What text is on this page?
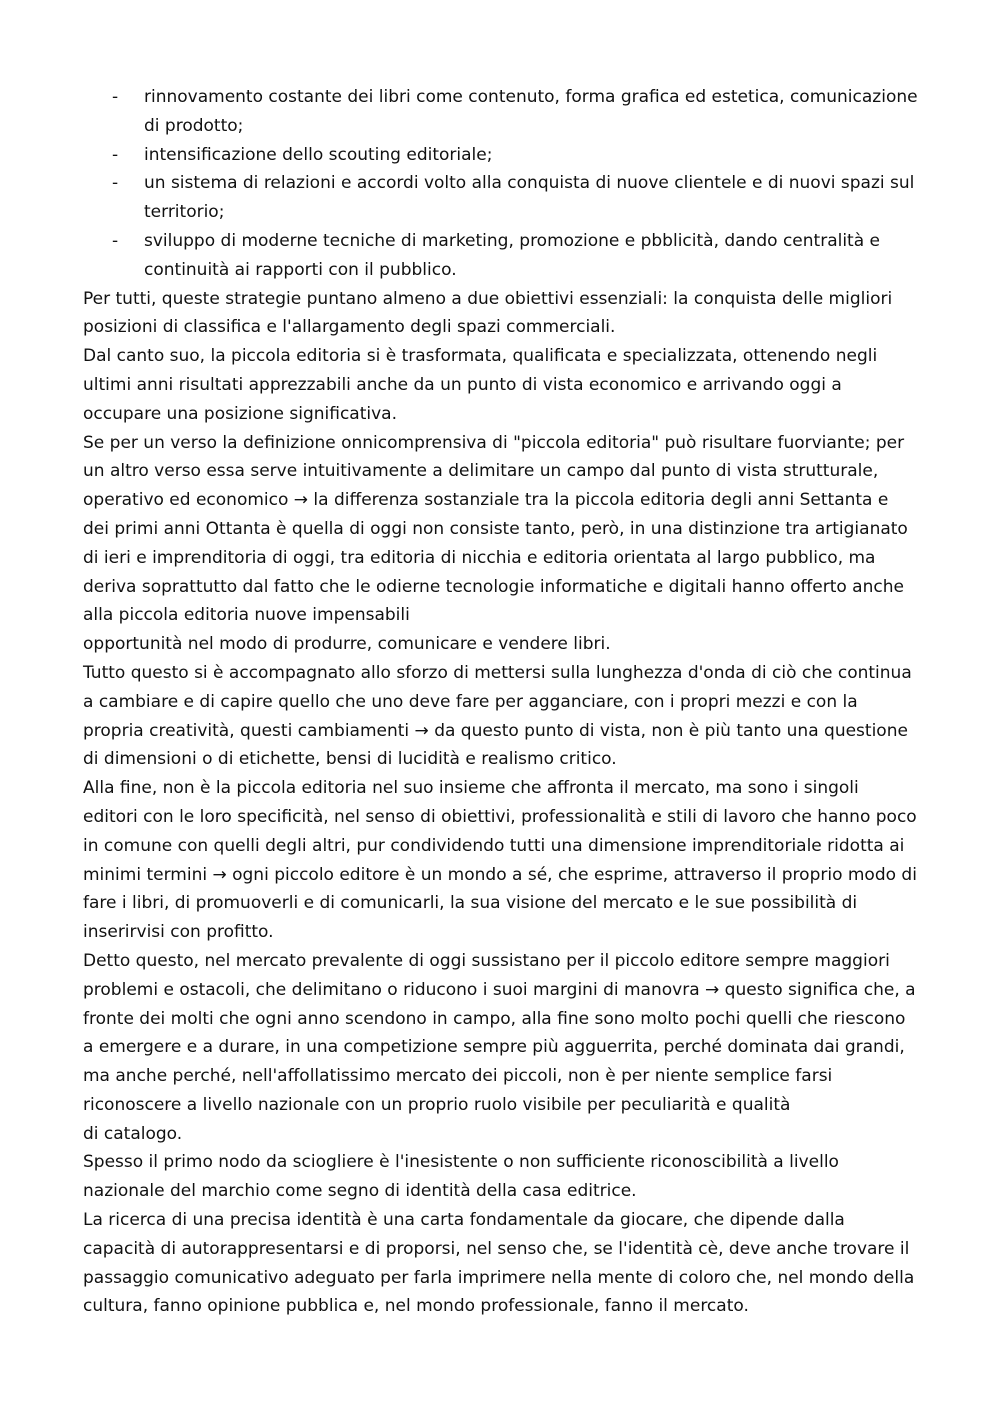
- rinnovamento costante dei libri come contenuto, forma grafica ed estetica, comunicazione di prodotto;
- intensificazione dello scouting editoriale;
- un sistema di relazioni e accordi volto alla conquista di nuove clientele e di nuovi spazi sul territorio;
- sviluppo di moderne tecniche di marketing, promozione e pbblicità, dando centralità e continuità ai rapporti con il pubblico.

Per tutti, queste strategie puntano almeno a due obiettivi essenziali: la conquista delle migliori posizioni di classifica e l'allargamento degli spazi commerciali.

Dal canto suo, la piccola editoria si è trasformata, qualificata e specializzata, ottenendo negli ultimi anni risultati apprezzabili anche da un punto di vista economico e arrivando oggi a occupare una posizione significativa.

Se per un verso la definizione onnicomprensiva di "piccola editoria" può risultare fuorviante; per un altro verso essa serve intuitivamente a delimitare un campo dal punto di vista strutturale, operativo ed economico → la differenza sostanziale tra la piccola editoria degli anni Settanta e dei primi anni Ottanta è quella di oggi non consiste tanto, però, in una distinzione tra artigianato di ieri e imprenditoria di oggi, tra editoria di nicchia e editoria orientata al largo pubblico, ma deriva soprattutto dal fatto che le odierne tecnologie informatiche e digitali hanno offerto anche alla piccola editoria nuove impensabili

opportunità nel modo di produrre, comunicare e vendere libri.

Tutto questo si è accompagnato allo sforzo di mettersi sulla lunghezza d'onda di ciò che continua a cambiare e di capire quello che uno deve fare per agganciare, con i propri mezzi e con la propria creatività, questi cambiamenti → da questo punto di vista, non è più tanto una questione di dimensioni o di etichette, bensi di lucidità e realismo critico.

Alla fine, non è la piccola editoria nel suo insieme che affronta il mercato, ma sono i singoli editori con le loro specificità, nel senso di obiettivi, professionalità e stili di lavoro che hanno poco in comune con quelli degli altri, pur condividendo tutti una dimensione imprenditoriale ridotta ai minimi termini → ogni piccolo editore è un mondo a sé, che esprime, attraverso il proprio modo di fare i libri, di promuoverli e di comunicarli, la sua visione del mercato e le sue possibilità di inserirvisi con profitto.

Detto questo, nel mercato prevalente di oggi sussistano per il piccolo editore sempre maggiori problemi e ostacoli, che delimitano o riducono i suoi margini di manovra → questo significa che, a fronte dei molti che ogni anno scendono in campo, alla fine sono molto pochi quelli che riescono a emergere e a durare, in una competizione sempre più agguerrita, perché dominata dai grandi, ma anche perché, nell'affollatissimo mercato dei piccoli, non è per niente semplice farsi riconoscere a livello nazionale con un proprio ruolo visibile per peculiarità e qualità

di catalogo.

Spesso il primo nodo da sciogliere è l'inesistente o non sufficiente riconoscibilità a livello nazionale del marchio come segno di identità della casa editrice.

La ricerca di una precisa identità è una carta fondamentale da giocare, che dipende dalla capacità di autorappresentarsi e di proporsi, nel senso che, se l'identità cè, deve anche trovare il passaggio comunicativo adeguato per farla imprimere nella mente di coloro che, nel mondo della cultura, fanno opinione pubblica e, nel mondo professionale, fanno il mercato.
